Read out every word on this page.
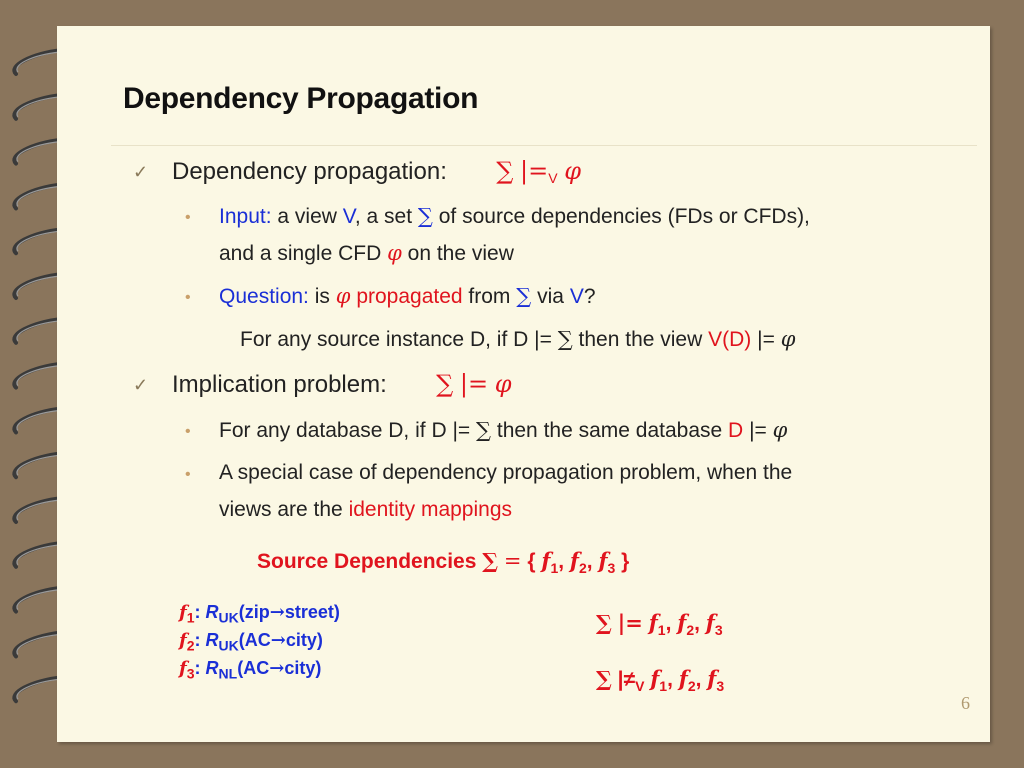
Dependency Propagation
✓ Dependency propagation: ∑ |=V φ
• Input: a view V, a set ∑ of source dependencies (FDs or CFDs),
and a single CFD φ on the view
• Question: is φ propagated from ∑ via V?
For any source instance D, if D |= ∑ then the view V(D) |= φ
✓ Implication problem: ∑ |= φ
• For any database D, if D |= ∑ then the same database D |= φ
• A special case of dependency propagation problem, when the
views are the identity mappings
Source Dependencies ∑ = { $f_1$, $f_2$, $f_3$ }
$f_1$: $R_{UK}(zip\to street)$
$f_2$: $R_{UK}(AC\to city)$
$f_3$: $R_{NL}(AC\to city)$
∑ |= $f_1$, $f_2$, $f_3$
∑ $|\ne_V$ $f_1$, $f_2$, $f_3$
6
